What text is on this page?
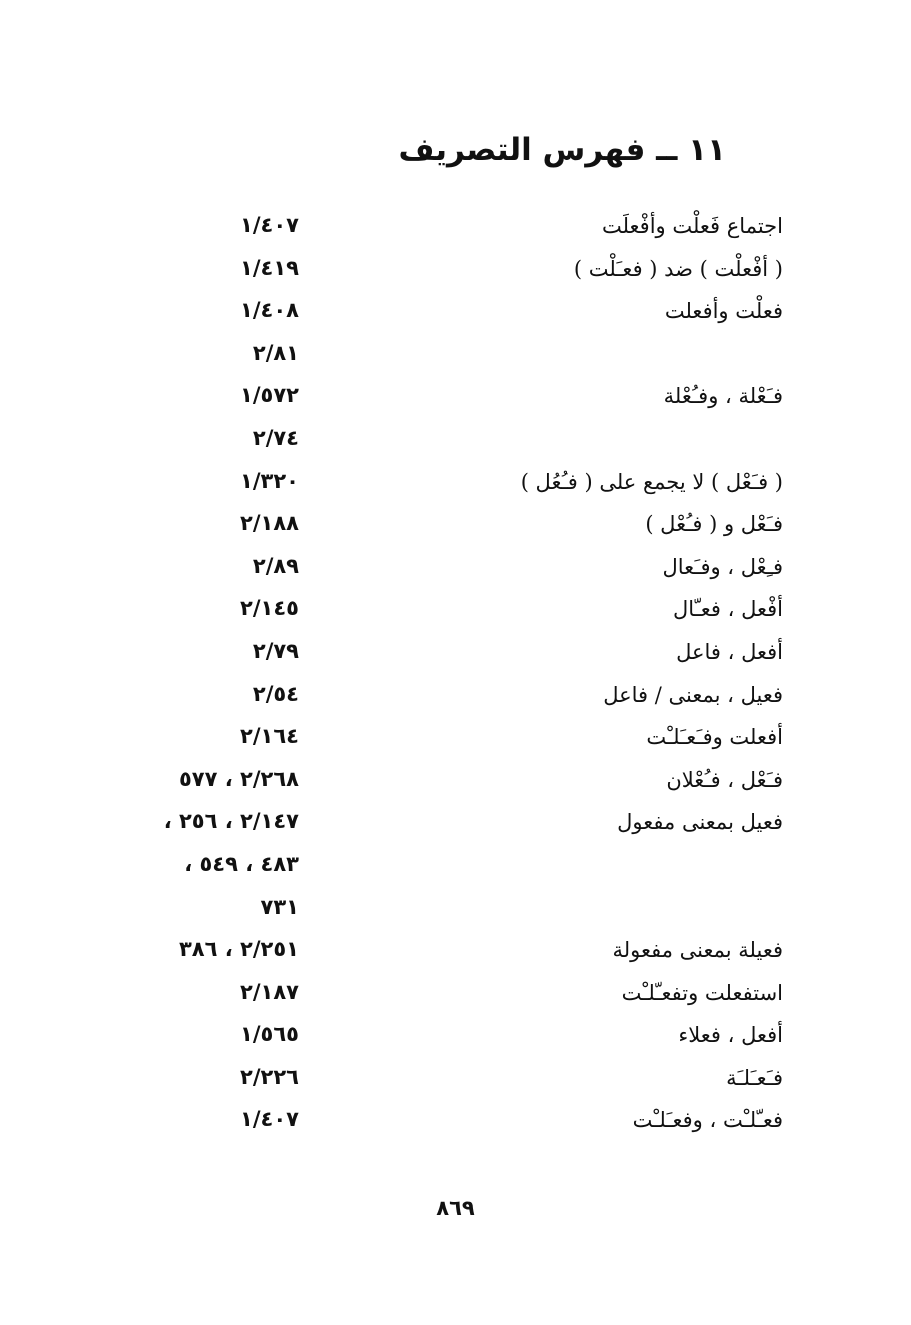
١١ ــ فهرس التصريف
اجتماع فَعلْت وأفْعلَت
١/٤٠٧
( أفْعلْت ) ضد ( فعـَلْت )
١/٤١٩
فعلْت وأفعلت
١/٤٠٨
٢/٨١
فـَعْلة ، وفـُعْلة
١/٥٧٢
٢/٧٤
( فـَعْل ) لا يجمع على ( فـُعُل )
١/٣٢٠
فـَعْل و ( فـُعْل )
٢/١٨٨
فـِعْل ، وفـَعال
٢/٨٩
أفْعل ، فعـّال
٢/١٤٥
أفعل ، فاعل
٢/٧٩
فعيل ، بمعنى / فاعل
٢/٥٤
أفعلت وفـَعـَلـْت
٢/١٦٤
فـَعْل ، فـُعْلان
٢/٢٦٨ ، ٥٧٧
فعيل بمعنى مفعول
٢/١٤٧ ، ٢٥٦ ،
٤٨٣ ، ٥٤٩ ،
٧٣١
فعيلة بمعنى مفعولة
٢/٢٥١ ، ٣٨٦
استفعلت وتفعـّلـْت
٢/١٨٧
أفعل ، فعلاء
١/٥٦٥
فـَعـَلـَة
٢/٢٢٦
فعـّلـْت ، وفعـَلـْت
١/٤٠٧
٨٦٩
